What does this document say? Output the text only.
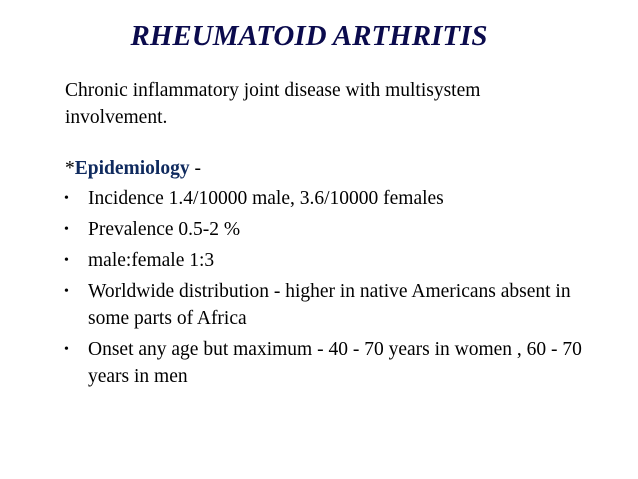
RHEUMATOID ARTHRITIS
Chronic inflammatory joint disease with multisystem involvement.
*Epidemiology -
• Incidence 1.4/10000 male, 3.6/10000 females
• Prevalence 0.5-2 %
• male:female 1:3
• Worldwide distribution - higher in native Americans absent in some parts of Africa
• Onset any age but maximum - 40 - 70 years in women , 60 - 70 years in men
